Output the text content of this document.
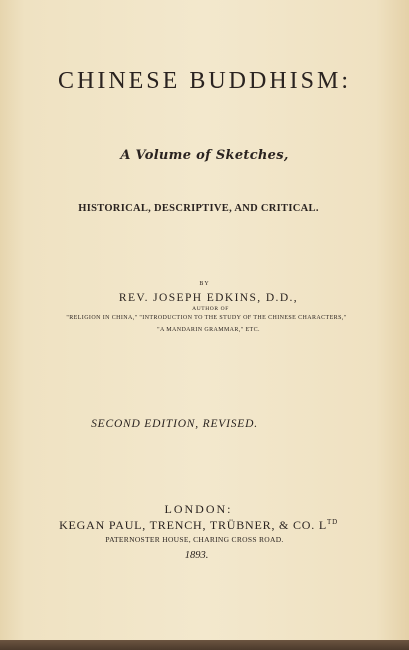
CHINESE BUDDHISM:
A Volume of Sketches,
HISTORICAL, DESCRIPTIVE, AND CRITICAL.
BY
REV. JOSEPH EDKINS, D.D.,
AUTHOR OF
"RELIGION IN CHINA," "INTRODUCTION TO THE STUDY OF THE CHINESE CHARACTERS,"
"A MANDARIN GRAMMAR," ETC.
SECOND EDITION, REVISED.
LONDON:
KEGAN PAUL, TRENCH, TRÜBNER, & CO. $L^{TD}$
PATERNOSTER HOUSE, CHARING CROSS ROAD.
1893.
